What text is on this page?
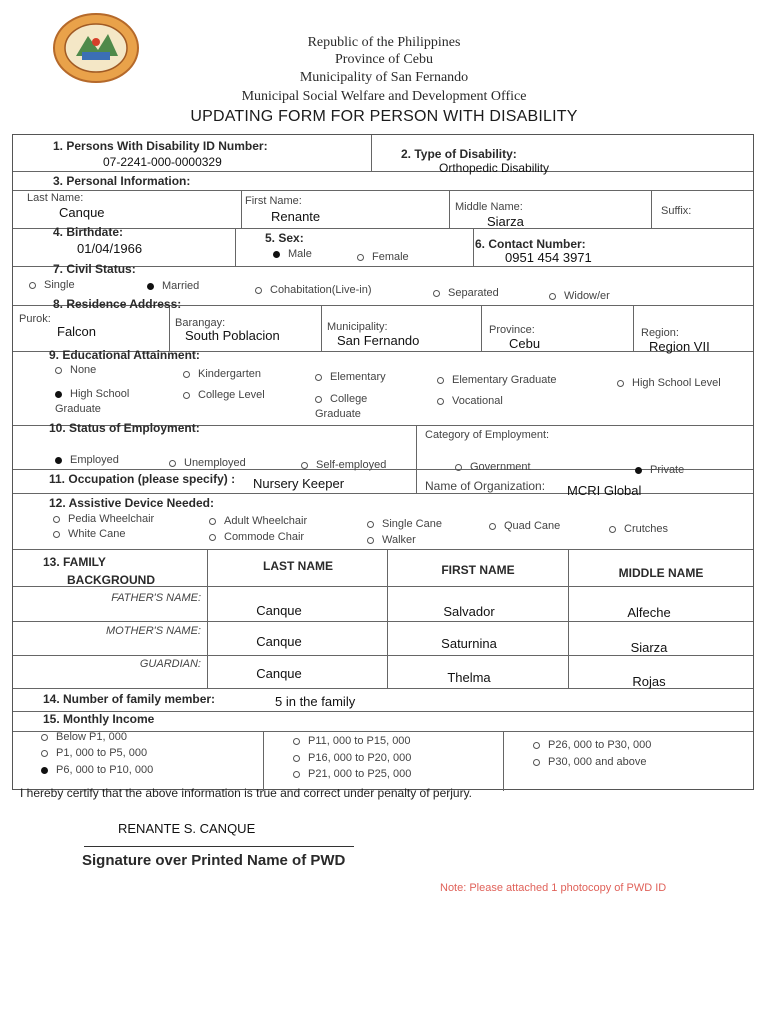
Republic of the Philippines
Province of Cebu
Municipality of San Fernando
Municipal Social Welfare and Development Office
UPDATING FORM FOR PERSON WITH DISABILITY
1. Persons With Disability ID Number:
07-2241-000-0000329
2. Type of Disability:
Orthopedic Disability
3. Personal Information:
Last Name:
Canque
First Name:
Renante
Middle Name:
Siarza
Suffix:
4. Birthdate:
01/04/1966
5. Sex:
Male	Female
6. Contact Number:
0951 454 3971
7. Civil Status:
Single	Married	Cohabitation(Live-in)	Separated	Widow/er
8. Residence Address:
Purok:
Falcon
Barangay:
South Poblacion
Municipality:
San Fernando
Province:
Cebu
Region:
Region VII
9. Educational Attainment:
None	Kindergarten	Elementary	Elementary Graduate	High School Level
High School Graduate
College Level	College Graduate
Vocational
10. Status of Employment:
Employed	Unemployed	Self-employed
Category of Employment:
Government	Private
11. Occupation (please specify) : Nursery Keeper	Name of Organization: MCRI Global
12. Assistive Device Needed:
Pedia Wheelchair	Adult Wheelchair	Single Cane	Quad Cane	Crutches
White Cane	Commode Chair	Walker
13. FAMILY
BACKGROUND
LAST NAME	FIRST NAME	MIDDLE NAME
FATHER'S NAME:
Canque	Salvador	Alfeche
MOTHER'S NAME:
Canque	Saturnina	Siarza
GUARDIAN:
Canque	Thelma	Rojas
14. Number of family member:	5 in the family
15. Monthly Income
Below P1, 000
P1, 000 to P5, 000
P6, 000 to P10, 000
P11, 000 to P15, 000
P16, 000 to P20, 000
P21, 000 to P25, 000
P26, 000 to P30, 000
P30, 000 and above
I hereby certify that the above information is true and correct under penalty of perjury.
RENANTE S. CANQUE
Signature over Printed Name of PWD
Note: Please attached 1 photocopy of PWD ID
